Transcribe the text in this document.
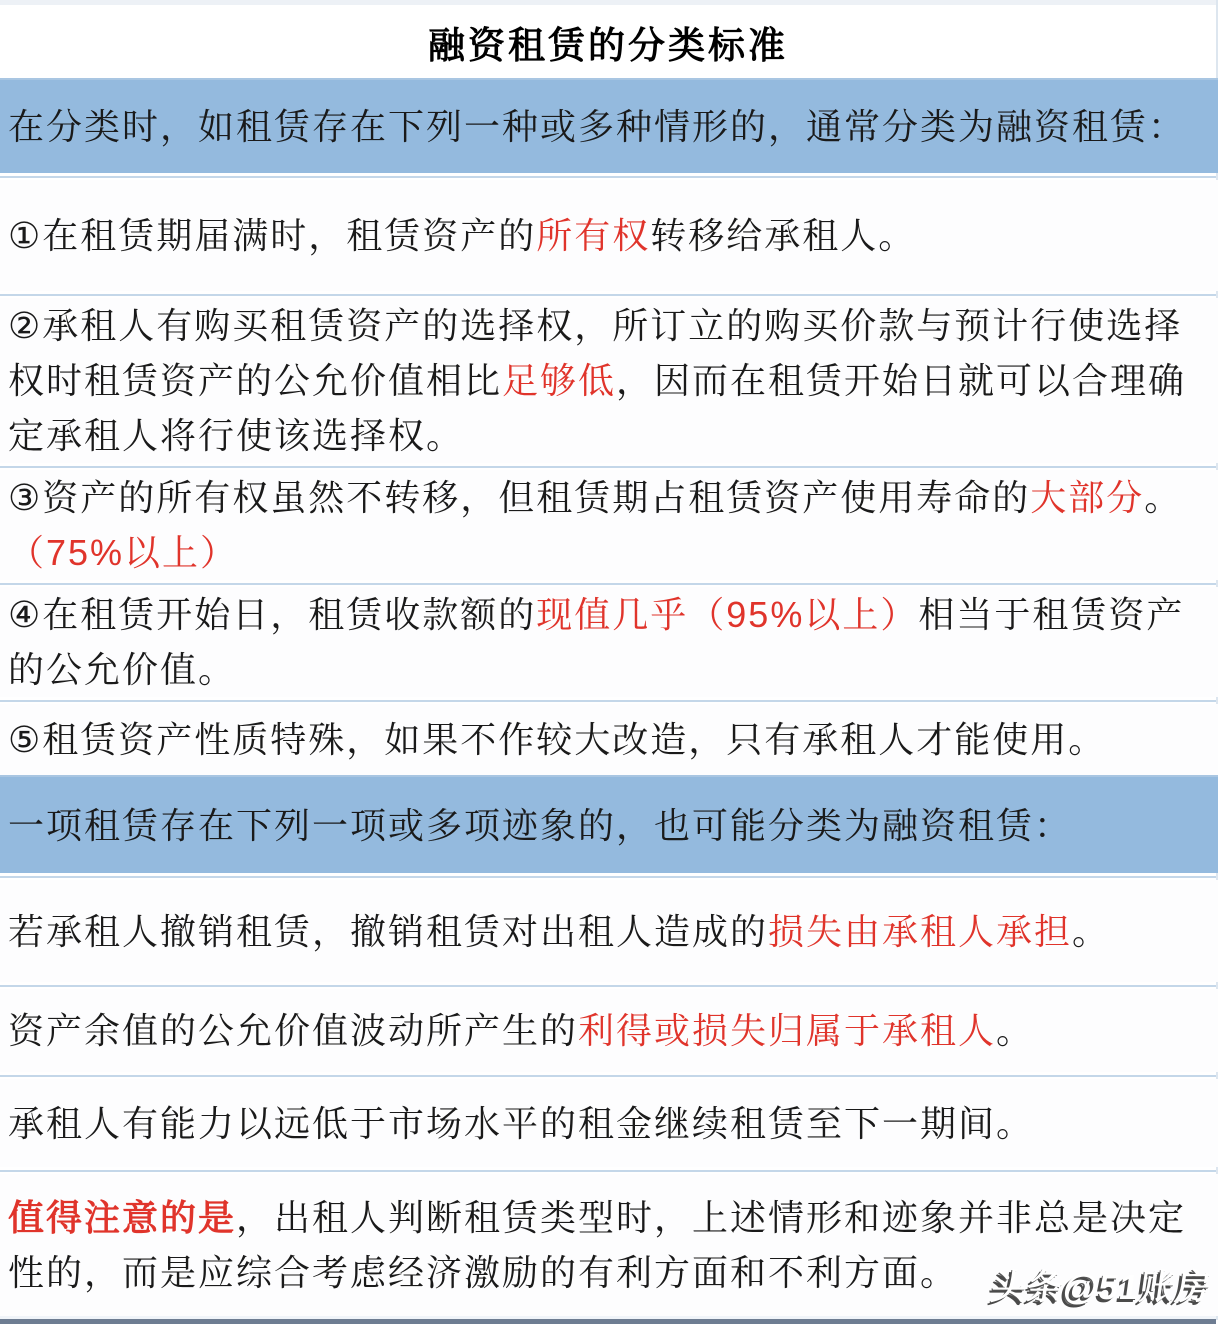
融资租赁的分类标准
在分类时，如租赁存在下列一种或多种情形的，通常分类为融资租赁：
①在租赁期届满时，租赁资产的所有权转移给承租人。
②承租人有购买租赁资产的选择权，所订立的购买价款与预计行使选择权时租赁资产的公允价值相比足够低，因而在租赁开始日就可以合理确定承租人将行使该选择权。
③资产的所有权虽然不转移，但租赁期占租赁资产使用寿命的大部分。（75%以上）
④在租赁开始日，租赁收款额的现值几乎（95%以上）相当于租赁资产的公允价值。
⑤租赁资产性质特殊，如果不作较大改造，只有承租人才能使用。
一项租赁存在下列一项或多项迹象的，也可能分类为融资租赁：
若承租人撤销租赁，撤销租赁对出租人造成的损失由承租人承担。
资产余值的公允价值波动所产生的利得或损失归属于承租人。
承租人有能力以远低于市场水平的租金继续租赁至下一期间。
值得注意的是，出租人判断租赁类型时，上述情形和迹象并非总是决定性的，而是应综合考虑经济激励的有利方面和不利方面。 头条@51账房
